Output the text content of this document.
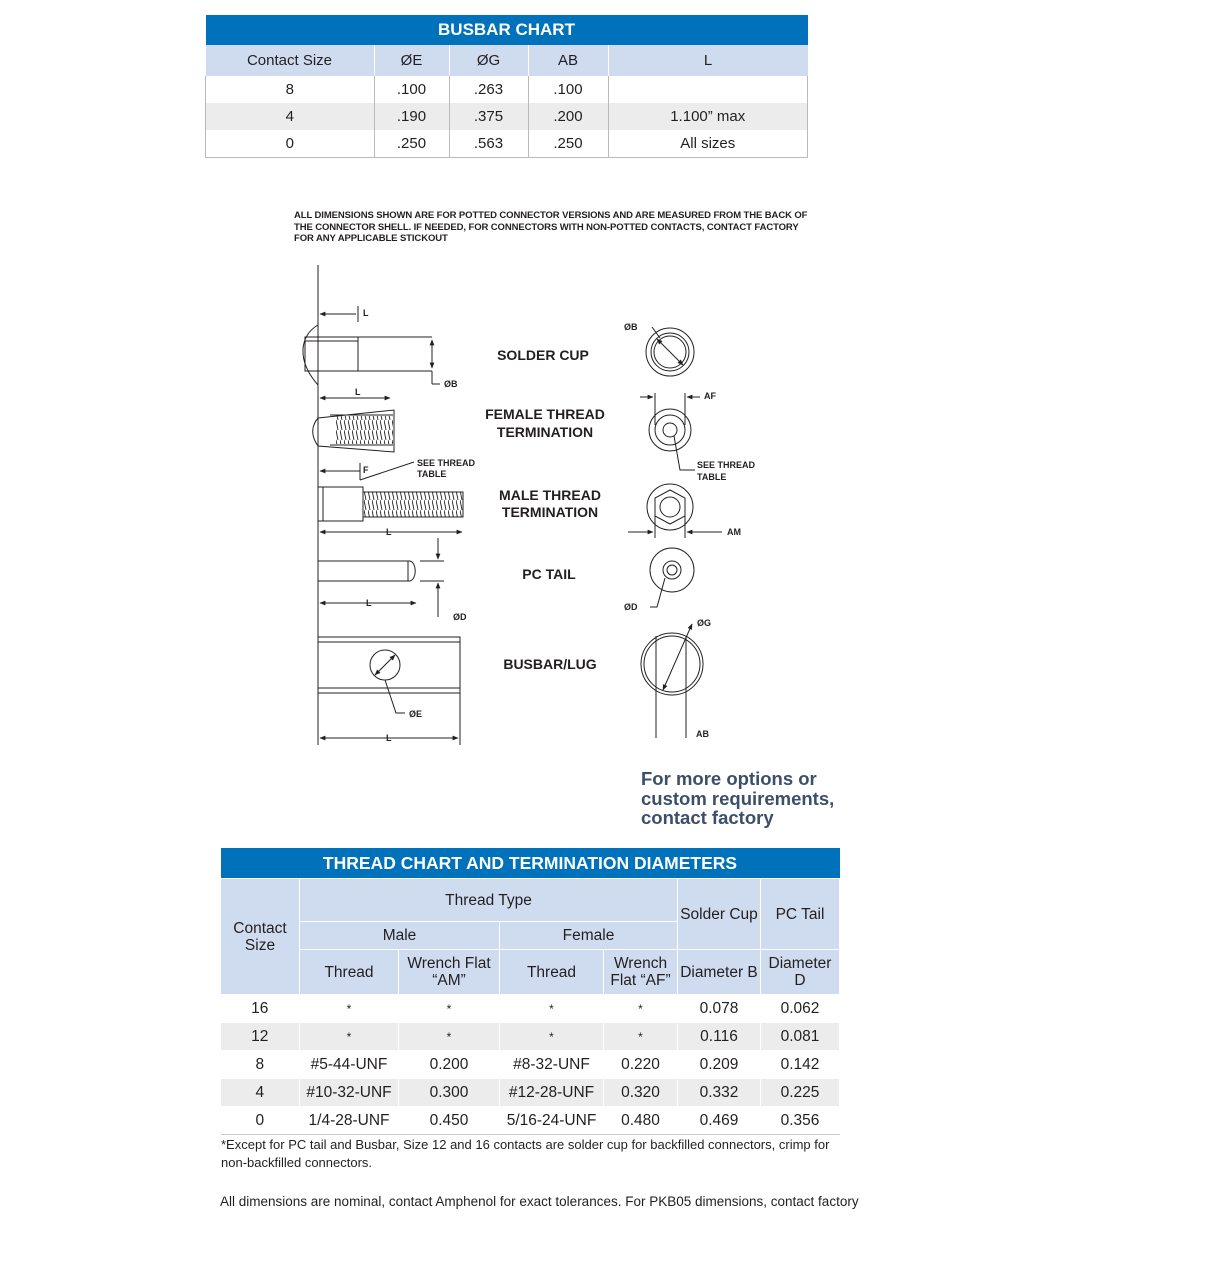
BUSBAR CHART				
Contact Size	ØE	ØG	AB	L
8	.100	.263	.100	
4	.190	.375	.200	1.100” max
0	.250	.563	.250	All sizes
ALL DIMENSIONS SHOWN ARE FOR POTTED CONNECTOR VERSIONS AND ARE MEASURED FROM THE BACK OF THE CONNECTOR SHELL. IF NEEDED, FOR CONNECTORS WITH NON-POTTED CONTACTS, CONTACT FACTORY FOR ANY APPLICABLE STICKOUT
SOLDER CUP
FEMALE THREAD
TERMINATION
MALE THREAD
TERMINATION
PC TAIL
BUSBAR/LUG
L
ØB
L
F
SEE THREAD
TABLE
L
L
ØD
ØE
L
ØB
AF
SEE THREAD
TABLE
AM
ØD
ØG
AB
For more options or
custom requirements,
contact factory
THREAD CHART AND TERMINATION DIAMETERS						
Contact Size	Thread Type				Solder Cup	PC Tail
	Male		Female			
	Thread	Wrench Flat “AM”	Thread	Wrench Flat “AF”	Diameter B	Diameter D
16	*	*	*	*	0.078	0.062
12	*	*	*	*	0.116	0.081
8	#5-44-UNF	0.200	#8-32-UNF	0.220	0.209	0.142
4	#10-32-UNF	0.300	#12-28-UNF	0.320	0.332	0.225
0	1/4-28-UNF	0.450	5/16-24-UNF	0.480	0.469	0.356
*Except for PC tail and Busbar, Size 12 and 16 contacts are solder cup for backfilled connectors, crimp for non-backfilled connectors.
All dimensions are nominal, contact Amphenol for exact tolerances. For PKB05 dimensions, contact factory
